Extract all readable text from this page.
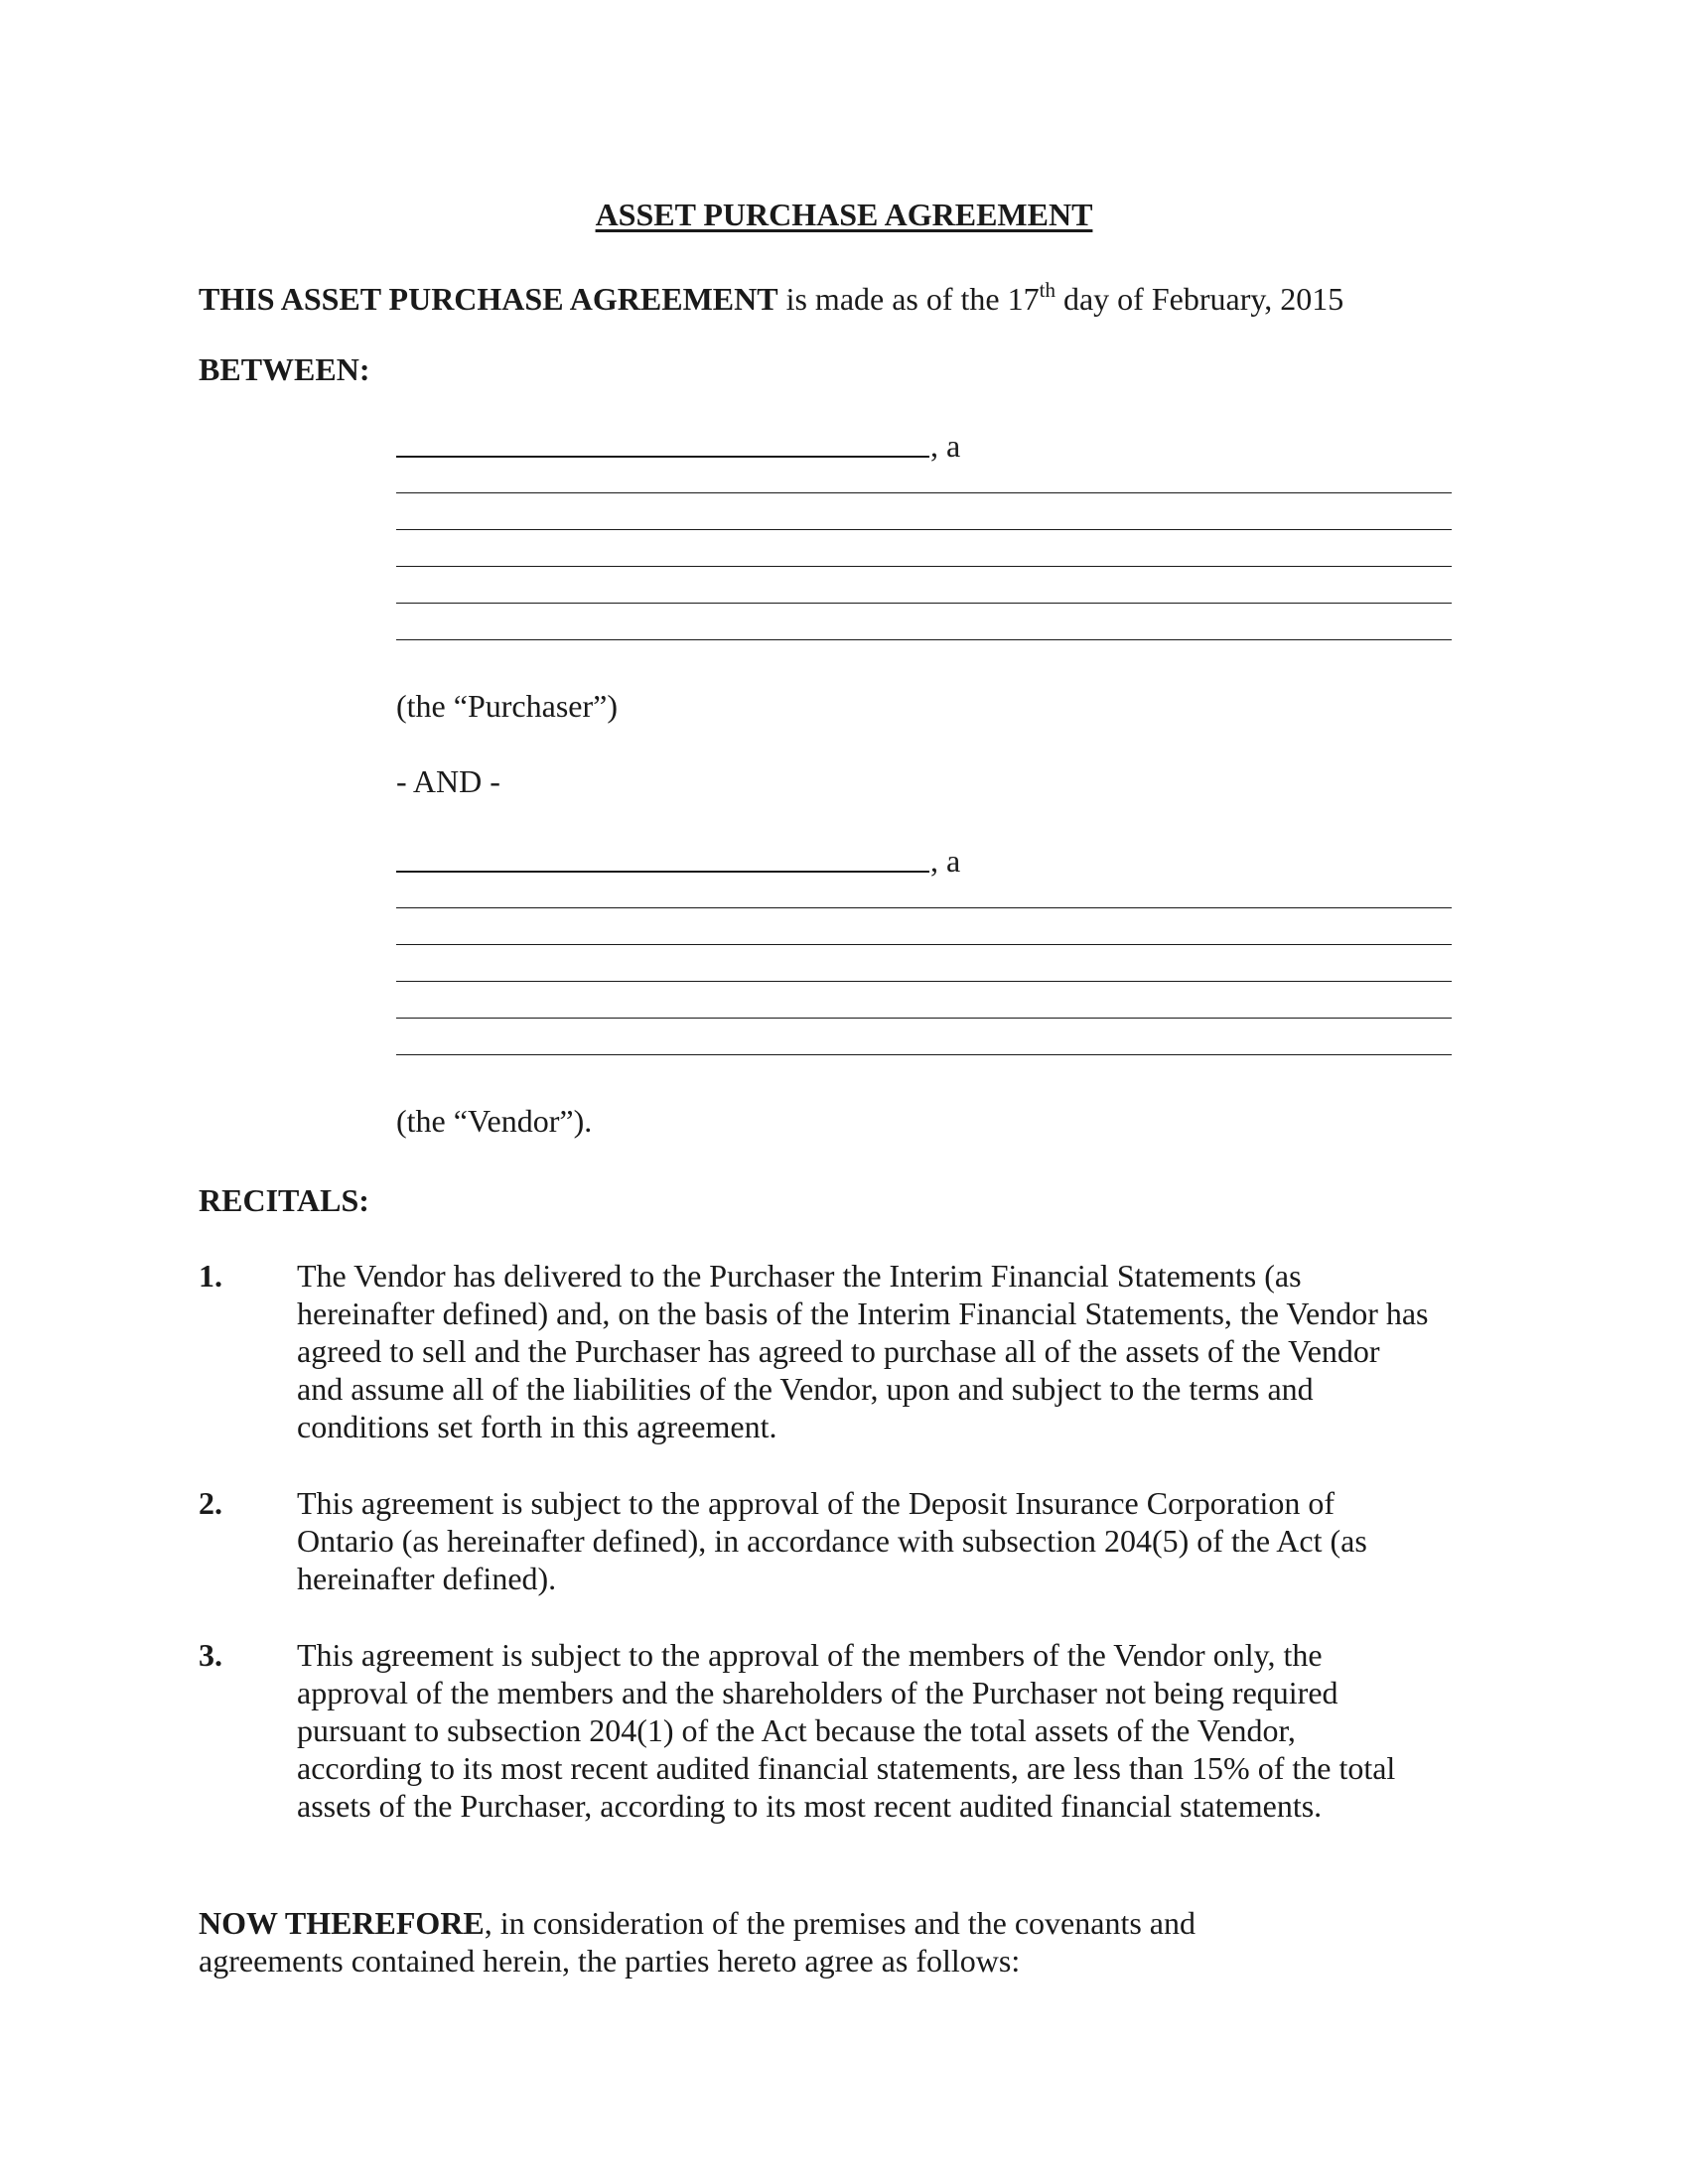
ASSET PURCHASE AGREEMENT
THIS ASSET PURCHASE AGREEMENT is made as of the 17th day of February, 2015
BETWEEN:
, a
(the “Purchaser”)
- AND -
, a
(the “Vendor”).
RECITALS:
1. The Vendor has delivered to the Purchaser the Interim Financial Statements (as
hereinafter defined) and, on the basis of the Interim Financial Statements, the Vendor has
agreed to sell and the Purchaser has agreed to purchase all of the assets of the Vendor
and assume all of the liabilities of the Vendor, upon and subject to the terms and
conditions set forth in this agreement.
2. This agreement is subject to the approval of the Deposit Insurance Corporation of
Ontario (as hereinafter defined), in accordance with subsection 204(5) of the Act (as
hereinafter defined).
3. This agreement is subject to the approval of the members of the Vendor only, the
approval of the members and the shareholders of the Purchaser not being required
pursuant to subsection 204(1) of the Act because the total assets of the Vendor,
according to its most recent audited financial statements, are less than 15% of the total
assets of the Purchaser, according to its most recent audited financial statements.
NOW THEREFORE, in consideration of the premises and the covenants and
agreements contained herein, the parties hereto agree as follows:
